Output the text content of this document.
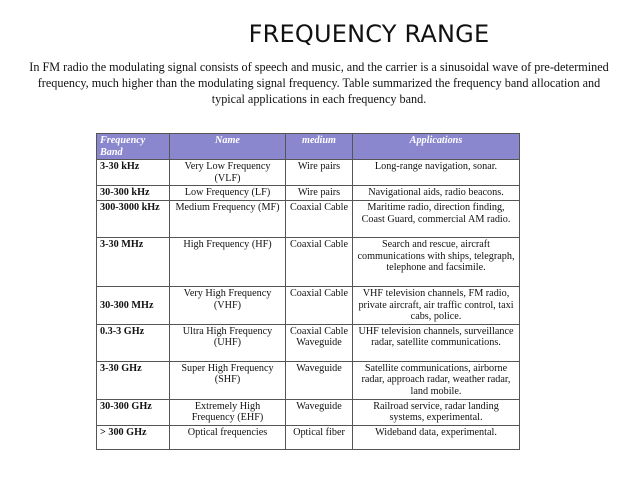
FREQUENCY RANGE
In FM radio the modulating signal consists of speech and music, and the carrier is a sinusoidal wave of pre-determined frequency, much higher than the modulating signal frequency. Table summarized the frequency band allocation and typical applications in each frequency band.
Frequency Band	Name	medium	Applications
3-30 kHz	Very Low Frequency (VLF)	Wire pairs	Long-range navigation, sonar.
30-300 kHz	Low Frequency (LF)	Wire pairs	Navigational aids, radio beacons.
300-3000 kHz	Medium Frequency (MF)	Coaxial Cable	Maritime radio, direction finding, Coast Guard, commercial AM radio.
3-30 MHz	High Frequency (HF)	Coaxial Cable	Search and rescue, aircraft communications with ships, telegraph, telephone and facsimile.
30-300 MHz	Very High Frequency (VHF)	Coaxial Cable	VHF television channels, FM radio, private aircraft, air traffic control, taxi cabs, police.
0.3-3 GHz	Ultra High Frequency (UHF)	Coaxial Cable Waveguide	UHF television channels, surveillance radar, satellite communications.
3-30 GHz	Super High Frequency (SHF)	Waveguide	Satellite communications, airborne radar, approach radar, weather radar, land mobile.
30-300 GHz	Extremely High Frequency (EHF)	Waveguide	Railroad service, radar landing systems, experimental.
> 300 GHz	Optical frequencies	Optical fiber	Wideband data, experimental.
